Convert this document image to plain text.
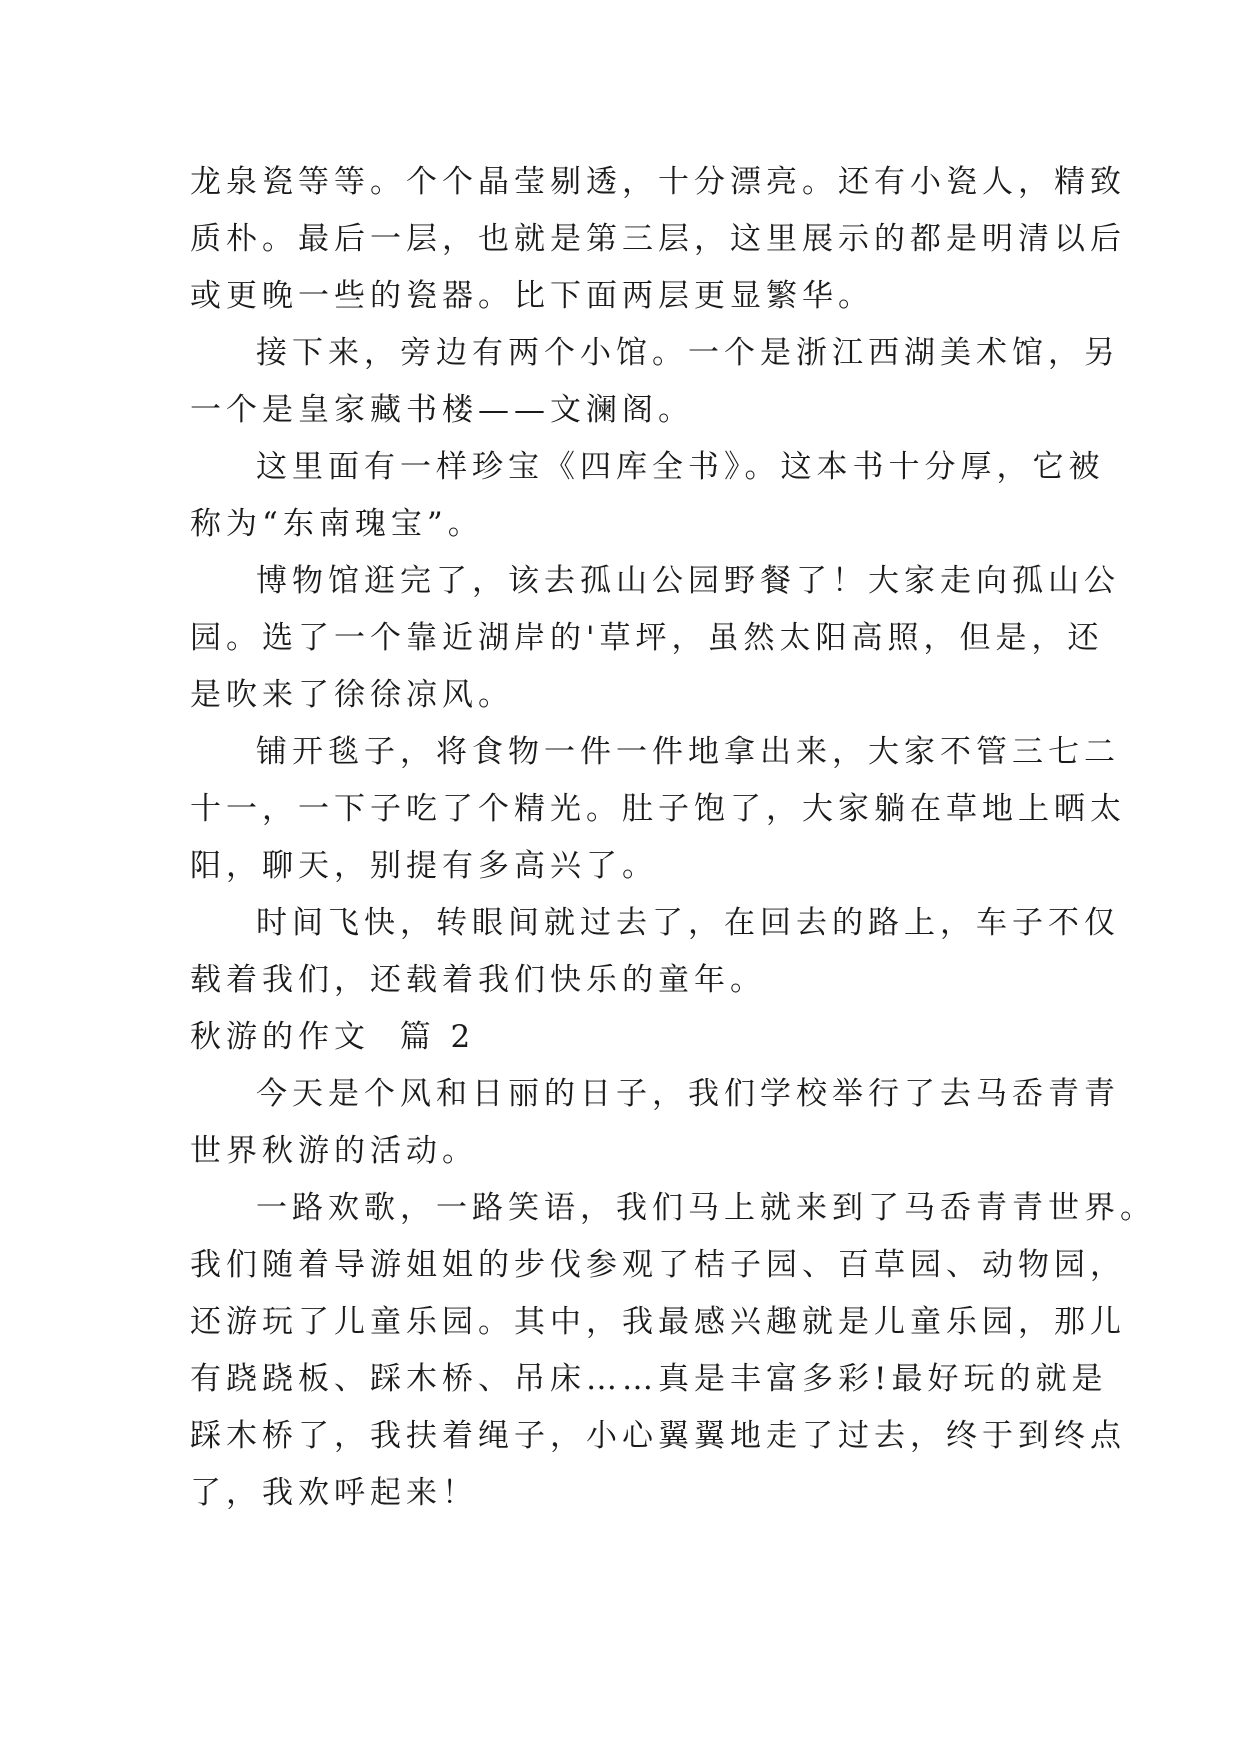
龙泉瓷等等。个个晶莹剔透，十分漂亮。还有小瓷人，精致
质朴。最后一层，也就是第三层，这里展示的都是明清以后
或更晚一些的瓷器。比下面两层更显繁华。
接下来，旁边有两个小馆。一个是浙江西湖美术馆，另
一个是皇家藏书楼——文澜阁。
这里面有一样珍宝《四库全书》。这本书十分厚，它被
称为“东南瑰宝”。
博物馆逛完了，该去孤山公园野餐了！大家走向孤山公
园。选了一个靠近湖岸的'草坪，虽然太阳高照，但是，还
是吹来了徐徐凉风。
铺开毯子，将食物一件一件地拿出来，大家不管三七二
十一，一下子吃了个精光。肚子饱了，大家躺在草地上晒太
阳，聊天，别提有多高兴了。
时间飞快，转眼间就过去了，在回去的路上，车子不仅
载着我们，还载着我们快乐的童年。
秋游的作文  篇 2
今天是个风和日丽的日子，我们学校举行了去马岙青青
世界秋游的活动。
一路欢歌，一路笑语，我们马上就来到了马岙青青世界。
我们随着导游姐姐的步伐参观了桔子园、百草园、动物园，
还游玩了儿童乐园。其中，我最感兴趣就是儿童乐园，那儿
有跷跷板、踩木桥、吊床……真是丰富多彩!最好玩的就是
踩木桥了，我扶着绳子，小心翼翼地走了过去，终于到终点
了，我欢呼起来！
